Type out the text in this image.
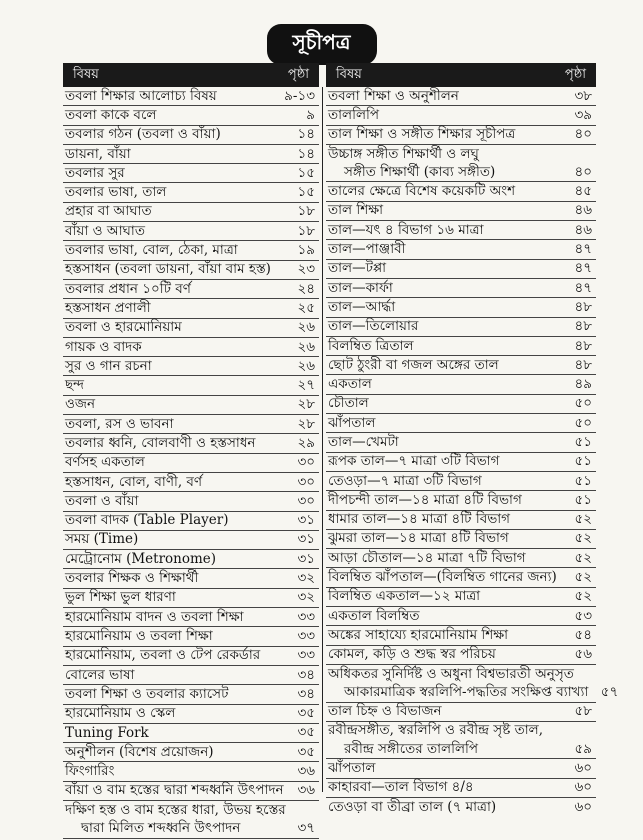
সূচীপত্র
বিষয়	পৃষ্ঠা
তবলা শিক্ষার আলোচ্য বিষয়	৯-১৩
তবলা কাকে বলে	৯
তবলার গঠন (তবলা ও বাঁয়া)	১৪
ডায়না, বাঁয়া	১৪
তবলার সুর	১৫
তবলার ভাষা, তাল	১৫
প্রহার বা আঘাত	১৮
বাঁয়া ও আঘাত	১৮
তবলার ভাষা, বোল, ঠেকা, মাত্রা	১৯
হস্তসাধন (তবলা ডায়না, বাঁয়া বাম হস্ত)	২৩
তবলার প্রধান ১০টি বর্ণ	২৪
হস্তসাধন প্রণালী	২৫
তবলা ও হারমোনিয়াম	২৬
গায়ক ও বাদক	২৬
সুর ও গান রচনা	২৬
ছন্দ	২৭
ওজন	২৮
তবলা, রস ও ভাবনা	২৮
তবলার ধ্বনি, বোলবাণী ও হস্তসাধন	২৯
বর্ণসহ একতাল	৩০
হস্তসাধন, বোল, বাণী, বর্ণ	৩০
তবলা ও বাঁয়া	৩০
তবলা বাদক (Table Player)	৩১
সময় (Time)	৩১
মেট্রোনোম (Metronome)	৩১
তবলার শিক্ষক ও শিক্ষার্থী	৩২
ভুল শিক্ষা ভুল ধারণা	৩২
হারমোনিয়াম বাদন ও তবলা শিক্ষা	৩৩
হারমোনিয়াম ও তবলা শিক্ষা	৩৩
হারমোনিয়াম, তবলা ও টেপ রেকর্ডার	৩৩
বোলের ভাষা	৩৪
তবলা শিক্ষা ও তবলার ক্যাসেট	৩৪
হারমোনিয়াম ও স্কেল	৩৫
Tuning Fork	৩৫
অনুশীলন (বিশেষ প্রয়োজন)	৩৫
ফিংগারিং	৩৬
বাঁয়া ও বাম হস্তের দ্বারা শব্দধ্বনি উৎপাদন	৩৬
দক্ষিণ হস্ত ও বাম হস্তের ধারা, উভয় হস্তের
দ্বারা মিলিত শব্দধ্বনি উৎপাদন	৩৭
বিষয়	পৃষ্ঠা
তবলা শিক্ষা ও অনুশীলন	৩৮
তাললিপি	৩৯
তাল শিক্ষা ও সঙ্গীত শিক্ষার সূচীপত্র	৪০
উচ্চাঙ্গ সঙ্গীত শিক্ষার্থী ও লঘু
সঙ্গীত শিক্ষার্থী (কাব্য সঙ্গীত)	৪০
তালের ক্ষেত্রে বিশেষ কয়েকটি অংশ	৪৫
তাল শিক্ষা	৪৬
তাল—যৎ ৪ বিভাগ ১৬ মাত্রা	৪৬
তাল—পাঞ্জাবী	৪৭
তাল—টপ্পা	৪৭
তাল—কার্ফা	৪৭
তাল—আর্দ্ধা	৪৮
তাল—তিলোয়ার	৪৮
বিলম্বিত ত্রিতাল	৪৮
ছোট ঠুংরী বা গজল অঙ্গের তাল	৪৮
একতাল	৪৯
চৌতাল	৫০
ঝাঁপতাল	৫০
তাল—খেমটা	৫১
রূপক তাল—৭ মাত্রা ৩টি বিভাগ	৫১
তেওড়া—৭ মাত্রা ৩টি বিভাগ	৫১
দীপচন্দী তাল—১৪ মাত্রা ৪টি বিভাগ	৫১
ধামার তাল—১৪ মাত্রা ৪টি বিভাগ	৫২
ঝুমরা তাল—১৪ মাত্রা ৪টি বিভাগ	৫২
আড়া চৌতাল—১৪ মাত্রা ৭টি বিভাগ	৫২
বিলম্বিত ঝাঁপতাল—(বিলম্বিত গানের জন্য)	৫২
বিলম্বিত একতাল—১২ মাত্রা	৫২
একতাল বিলম্বিত	৫৩
অঙ্কের সাহায্যে হারমোনিয়াম শিক্ষা	৫৪
কোমল, কড়ি ও শুদ্ধ স্বর পরিচয়	৫৬
অধিকতর সুনির্দিষ্ট ও অধুনা বিশ্বভারতী অনুসৃত
আকারমাত্রিক স্বরলিপি-পদ্ধতির সংক্ষিপ্ত ব্যাখ্যা ৫৭
তাল চিহ্ন ও বিভাজন	৫৮
রবীন্দ্রসঙ্গীত, স্বরলিপি ও রবীন্দ্র সৃষ্ট তাল,
রবীন্দ্র সঙ্গীতের তাললিপি	৫৯
ঝাঁপতাল	৬০
কাহারবা—তাল বিভাগ ৪/৪	৬০
তেওড়া বা তীব্রা তাল (৭ মাত্রা)	৬০
